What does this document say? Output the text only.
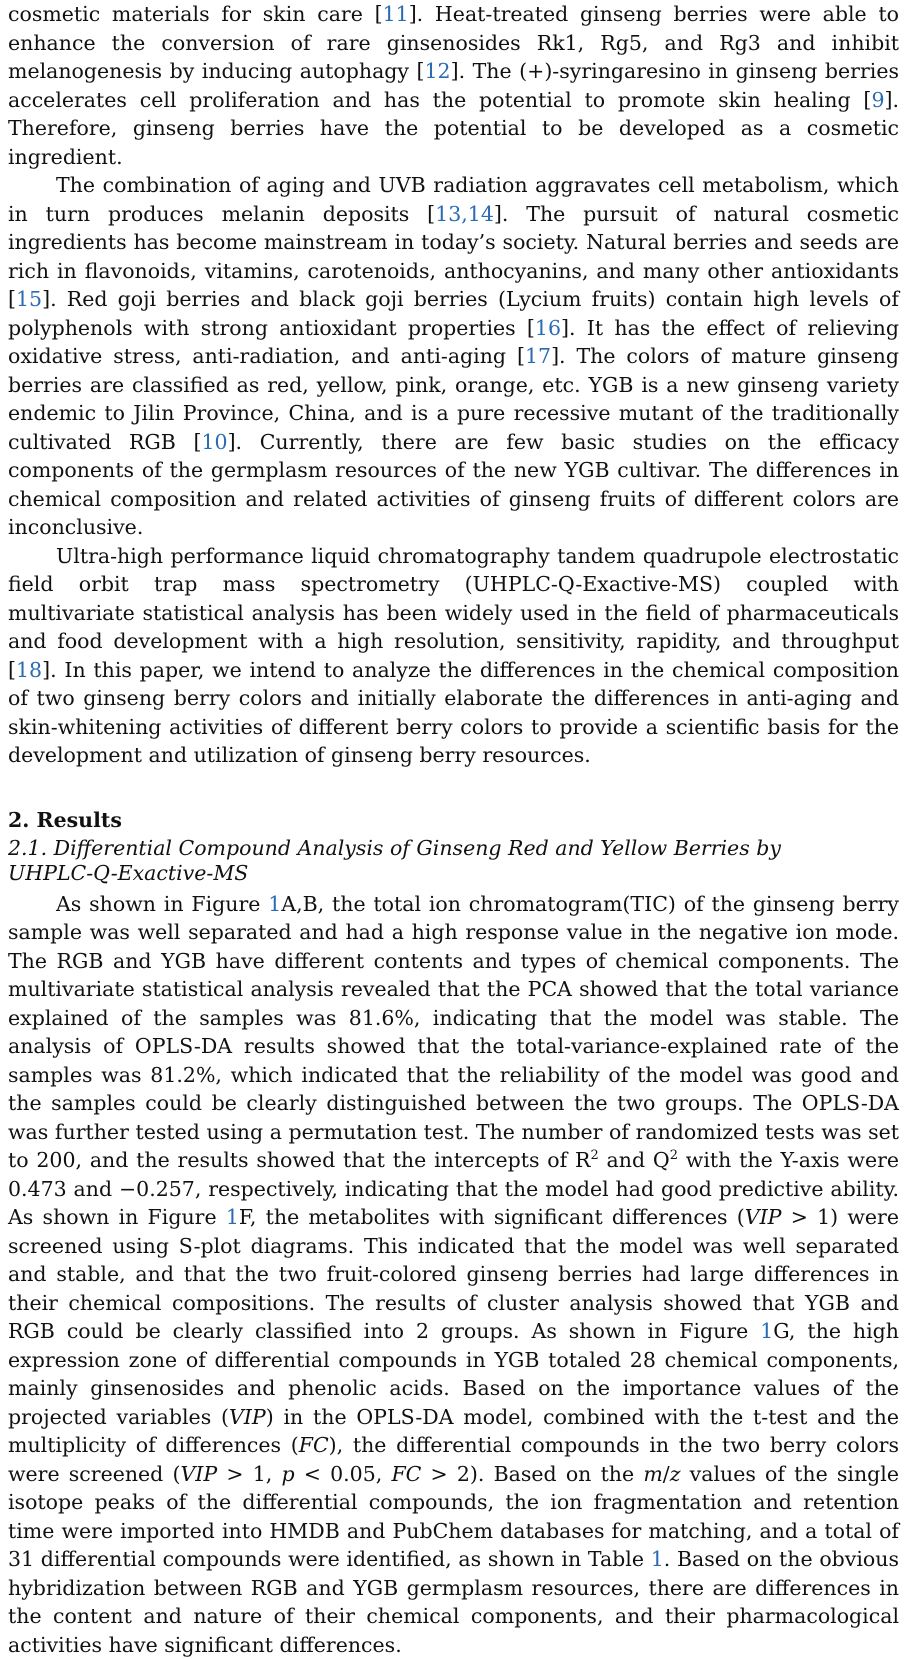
cosmetic materials for skin care [11]. Heat-treated ginseng berries were able to enhance the conversion of rare ginsenosides Rk1, Rg5, and Rg3 and inhibit melanogenesis by inducing autophagy [12]. The (+)-syringaresino in ginseng berries accelerates cell proliferation and has the potential to promote skin healing [9]. Therefore, ginseng berries have the potential to be developed as a cosmetic ingredient.

The combination of aging and UVB radiation aggravates cell metabolism, which in turn produces melanin deposits [13,14]. The pursuit of natural cosmetic ingredients has become mainstream in today’s society. Natural berries and seeds are rich in flavonoids, vitamins, carotenoids, anthocyanins, and many other antioxidants [15]. Red goji berries and black goji berries (Lycium fruits) contain high levels of polyphenols with strong antioxidant properties [16]. It has the effect of relieving oxidative stress, anti-radiation, and anti-aging [17]. The colors of mature ginseng berries are classified as red, yellow, pink, orange, etc. YGB is a new ginseng variety endemic to Jilin Province, China, and is a pure recessive mutant of the traditionally cultivated RGB [10]. Currently, there are few basic studies on the efficacy components of the germplasm resources of the new YGB cultivar. The differences in chemical composition and related activities of ginseng fruits of different colors are inconclusive.

Ultra-high performance liquid chromatography tandem quadrupole electrostatic field orbit trap mass spectrometry (UHPLC-Q-Exactive-MS) coupled with multivariate statistical analysis has been widely used in the field of pharmaceuticals and food development with a high resolution, sensitivity, rapidity, and throughput [18]. In this paper, we intend to analyze the differences in the chemical composition of two ginseng berry colors and initially elaborate the differences in anti-aging and skin-whitening activities of different berry colors to provide a scientific basis for the development and utilization of ginseng berry resources.

2. Results
2.1. Differential Compound Analysis of Ginseng Red and Yellow Berries by
UHPLC-Q-Exactive-MS

As shown in Figure 1A,B, the total ion chromatogram(TIC) of the ginseng berry sample was well separated and had a high response value in the negative ion mode. The RGB and YGB have different contents and types of chemical components. The multivariate statistical analysis revealed that the PCA showed that the total variance explained of the samples was 81.6%, indicating that the model was stable. The analysis of OPLS-DA results showed that the total-variance-explained rate of the samples was 81.2%, which indicated that the reliability of the model was good and the samples could be clearly distinguished between the two groups. The OPLS-DA was further tested using a permutation test. The number of randomized tests was set to 200, and the results showed that the intercepts of $R^2$ and $Q^2$ with the Y-axis were 0.473 and −0.257, respectively, indicating that the model had good predictive ability. As shown in Figure 1F, the metabolites with significant differences (VIP > 1) were screened using S-plot diagrams. This indicated that the model was well separated and stable, and that the two fruit-colored ginseng berries had large differences in their chemical compositions. The results of cluster analysis showed that YGB and RGB could be clearly classified into 2 groups. As shown in Figure 1G, the high expression zone of differential compounds in YGB totaled 28 chemical components, mainly ginsenosides and phenolic acids. Based on the importance values of the projected variables (VIP) in the OPLS-DA model, combined with the t-test and the multiplicity of differences (FC), the differential compounds in the two berry colors were screened (VIP > 1, p < 0.05, FC > 2). Based on the m/z values of the single isotope peaks of the differential compounds, the ion fragmentation and retention time were imported into HMDB and PubChem databases for matching, and a total of 31 differential compounds were identified, as shown in Table 1. Based on the obvious hybridization between RGB and YGB germplasm resources, there are differences in the content and nature of their chemical components, and their pharmacological activities have significant differences.
